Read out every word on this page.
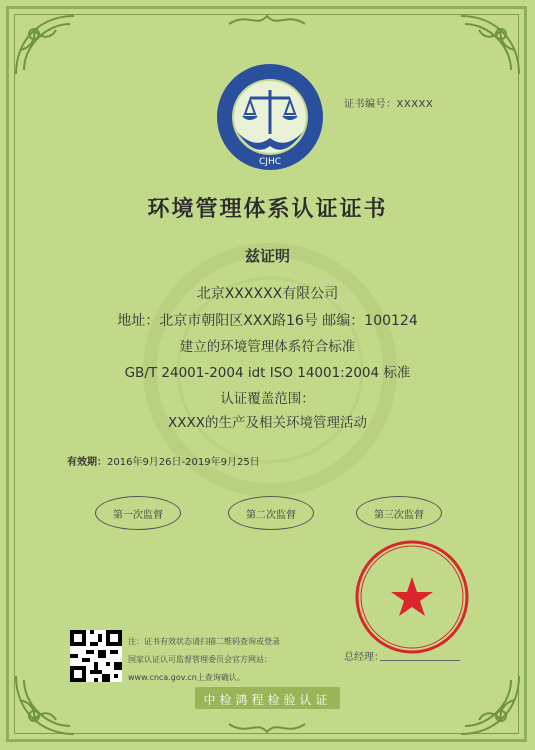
CJHC
证书编号：XXXXX
环境管理体系认证证书
兹证明
北京XXXXXX有限公司
地址：北京市朝阳区XXX路16号 邮编：100124
建立的环境管理体系符合标准
GB/T 24001-2004 idt ISO 14001:2004 标准
认证覆盖范围：
XXXX的生产及相关环境管理活动
有效期：2016年9月26日-2019年9月25日
第一次监督	第二次监督	第三次监督
注：证书有效状态请扫描二维码查询或登录
国家认证认可监督管理委员会官方网站：
www.cnca.gov.cn上查询确认。
总经理：
中检鸿程检验认证
